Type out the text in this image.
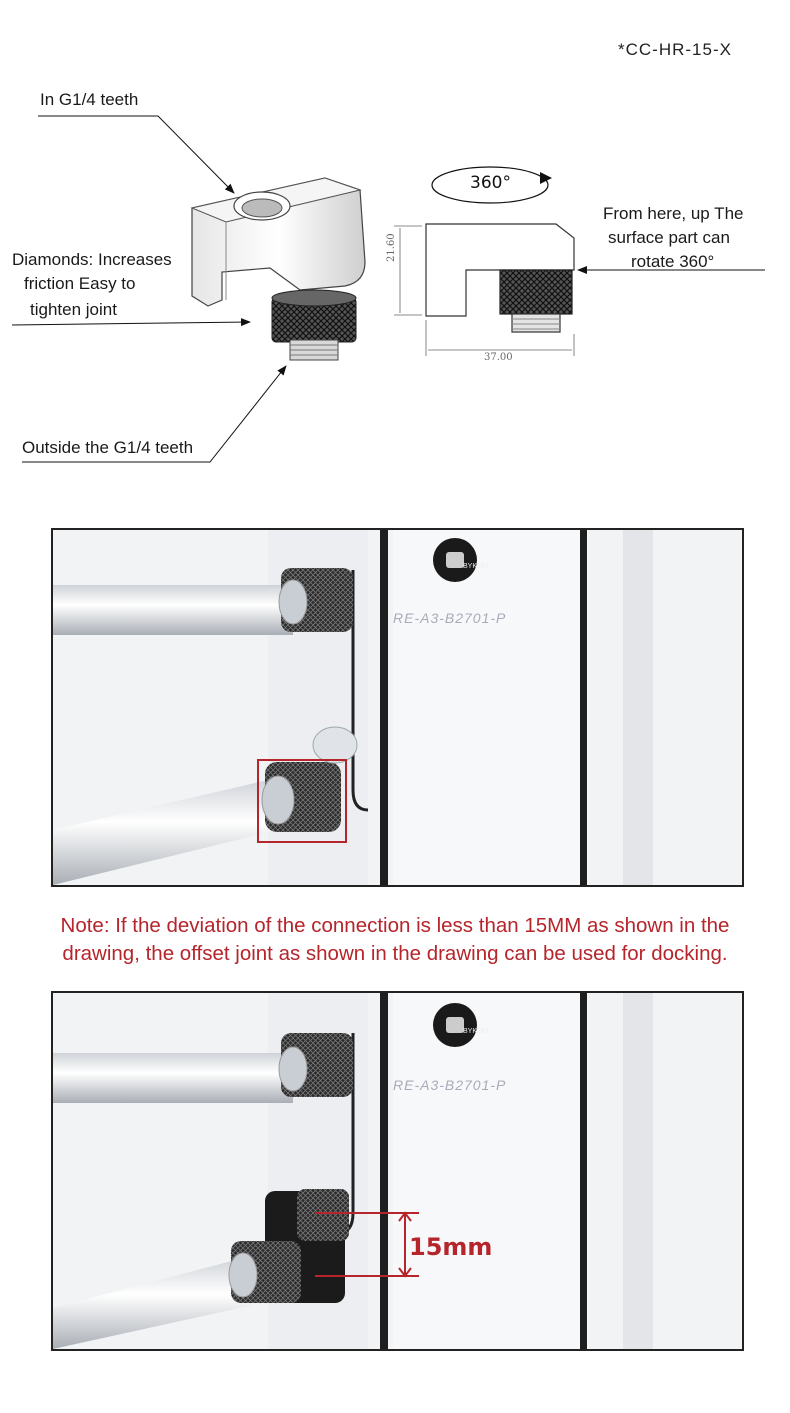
*CC-HR-15-X
In G1/4 teeth
Diamonds: Increases
friction Easy to
tighten joint
Outside the G1/4 teeth
From here, up The
surface part can
rotate 360°
360°
21.60
37.00
RE-A3-B2701-P
BYKSKI
Note: If the deviation of the connection is less than 15MM as shown in the
drawing, the offset joint as shown in the drawing can be used for docking.
RE-A3-B2701-P
BYKSKI
15mm
